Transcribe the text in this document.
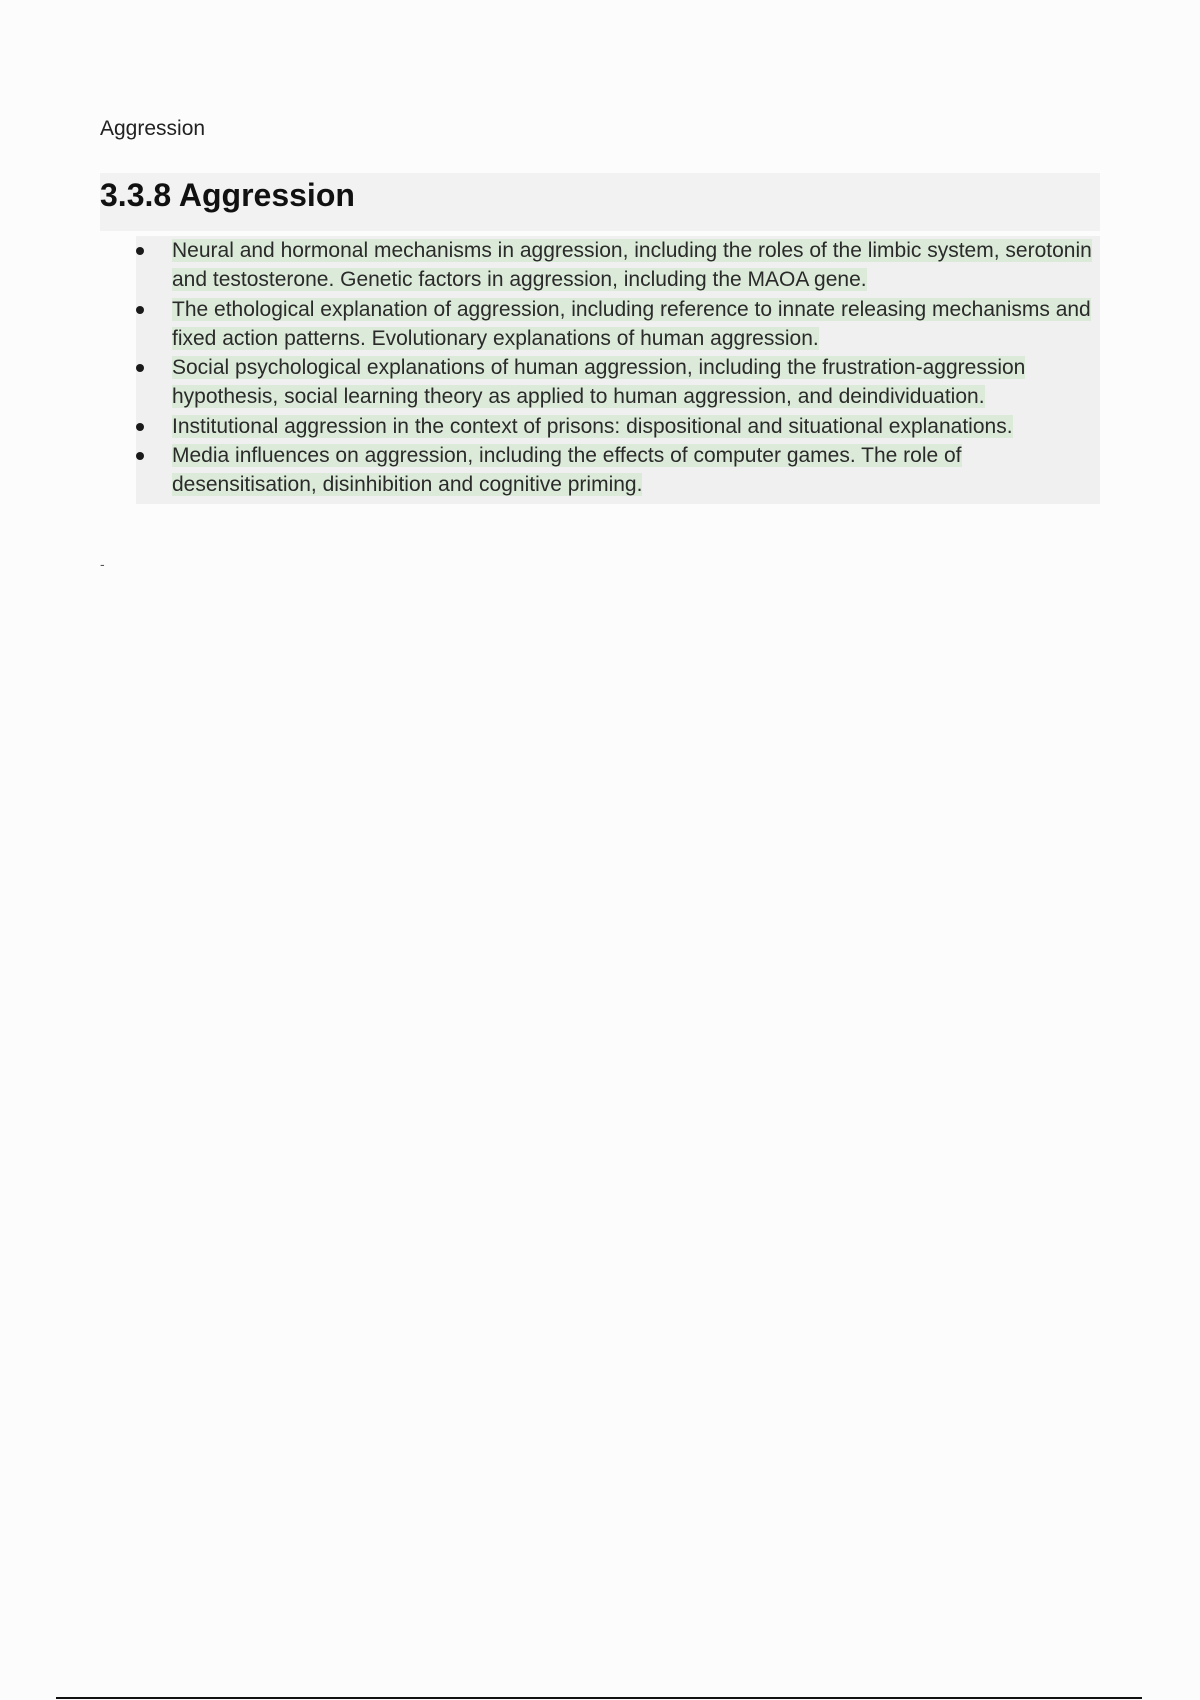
Aggression
3.3.8 Aggression
Neural and hormonal mechanisms in aggression, including the roles of the limbic system, serotonin and testosterone. Genetic factors in aggression, including the MAOA gene.
The ethological explanation of aggression, including reference to innate releasing mechanisms and fixed action patterns. Evolutionary explanations of human aggression.
Social psychological explanations of human aggression, including the frustration-aggression hypothesis, social learning theory as applied to human aggression, and deindividuation.
Institutional aggression in the context of prisons: dispositional and situational explanations.
Media influences on aggression, including the effects of computer games. The role of desensitisation, disinhibition and cognitive priming.
-
